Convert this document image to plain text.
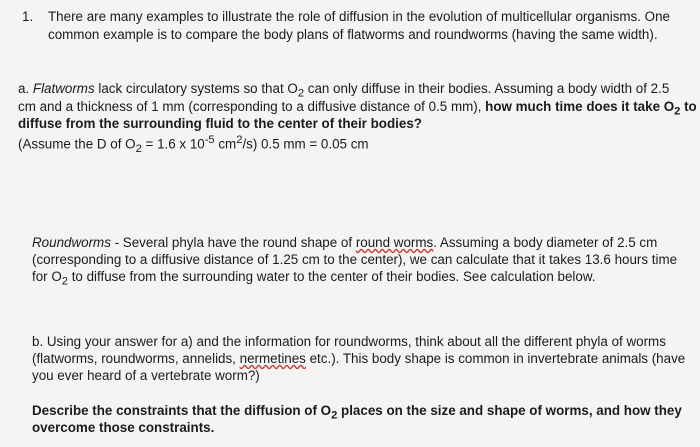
1. There are many examples to illustrate the role of diffusion in the evolution of multicellular organisms. One
common example is to compare the body plans of flatworms and roundworms (having the same width).
a. Flatworms lack circulatory systems so that $O_2$ can only diffuse in their bodies. Assuming a body width of 2.5
cm and a thickness of 1 mm (corresponding to a diffusive distance of 0.5 mm), how much time does it take $O_2$ to
diffuse from the surrounding fluid to the center of their bodies?
(Assume the D of $O_2 = 1.6$ x $10^{-5}$ $cm^2/s$) 0.5 mm = 0.05 cm
Roundworms - Several phyla have the round shape of round worms. Assuming a body diameter of 2.5 cm
(corresponding to a diffusive distance of 1.25 cm to the center), we can calculate that it takes 13.6 hours time
for $O_2$ to diffuse from the surrounding water to the center of their bodies. See calculation below.
b. Using your answer for a) and the information for roundworms, think about all the different phyla of worms
(flatworms, roundworms, annelids, nermetines etc.). This body shape is common in invertebrate animals (have
you ever heard of a vertebrate worm?)
Describe the constraints that the diffusion of $O_2$ places on the size and shape of worms, and how they
overcome those constraints.
